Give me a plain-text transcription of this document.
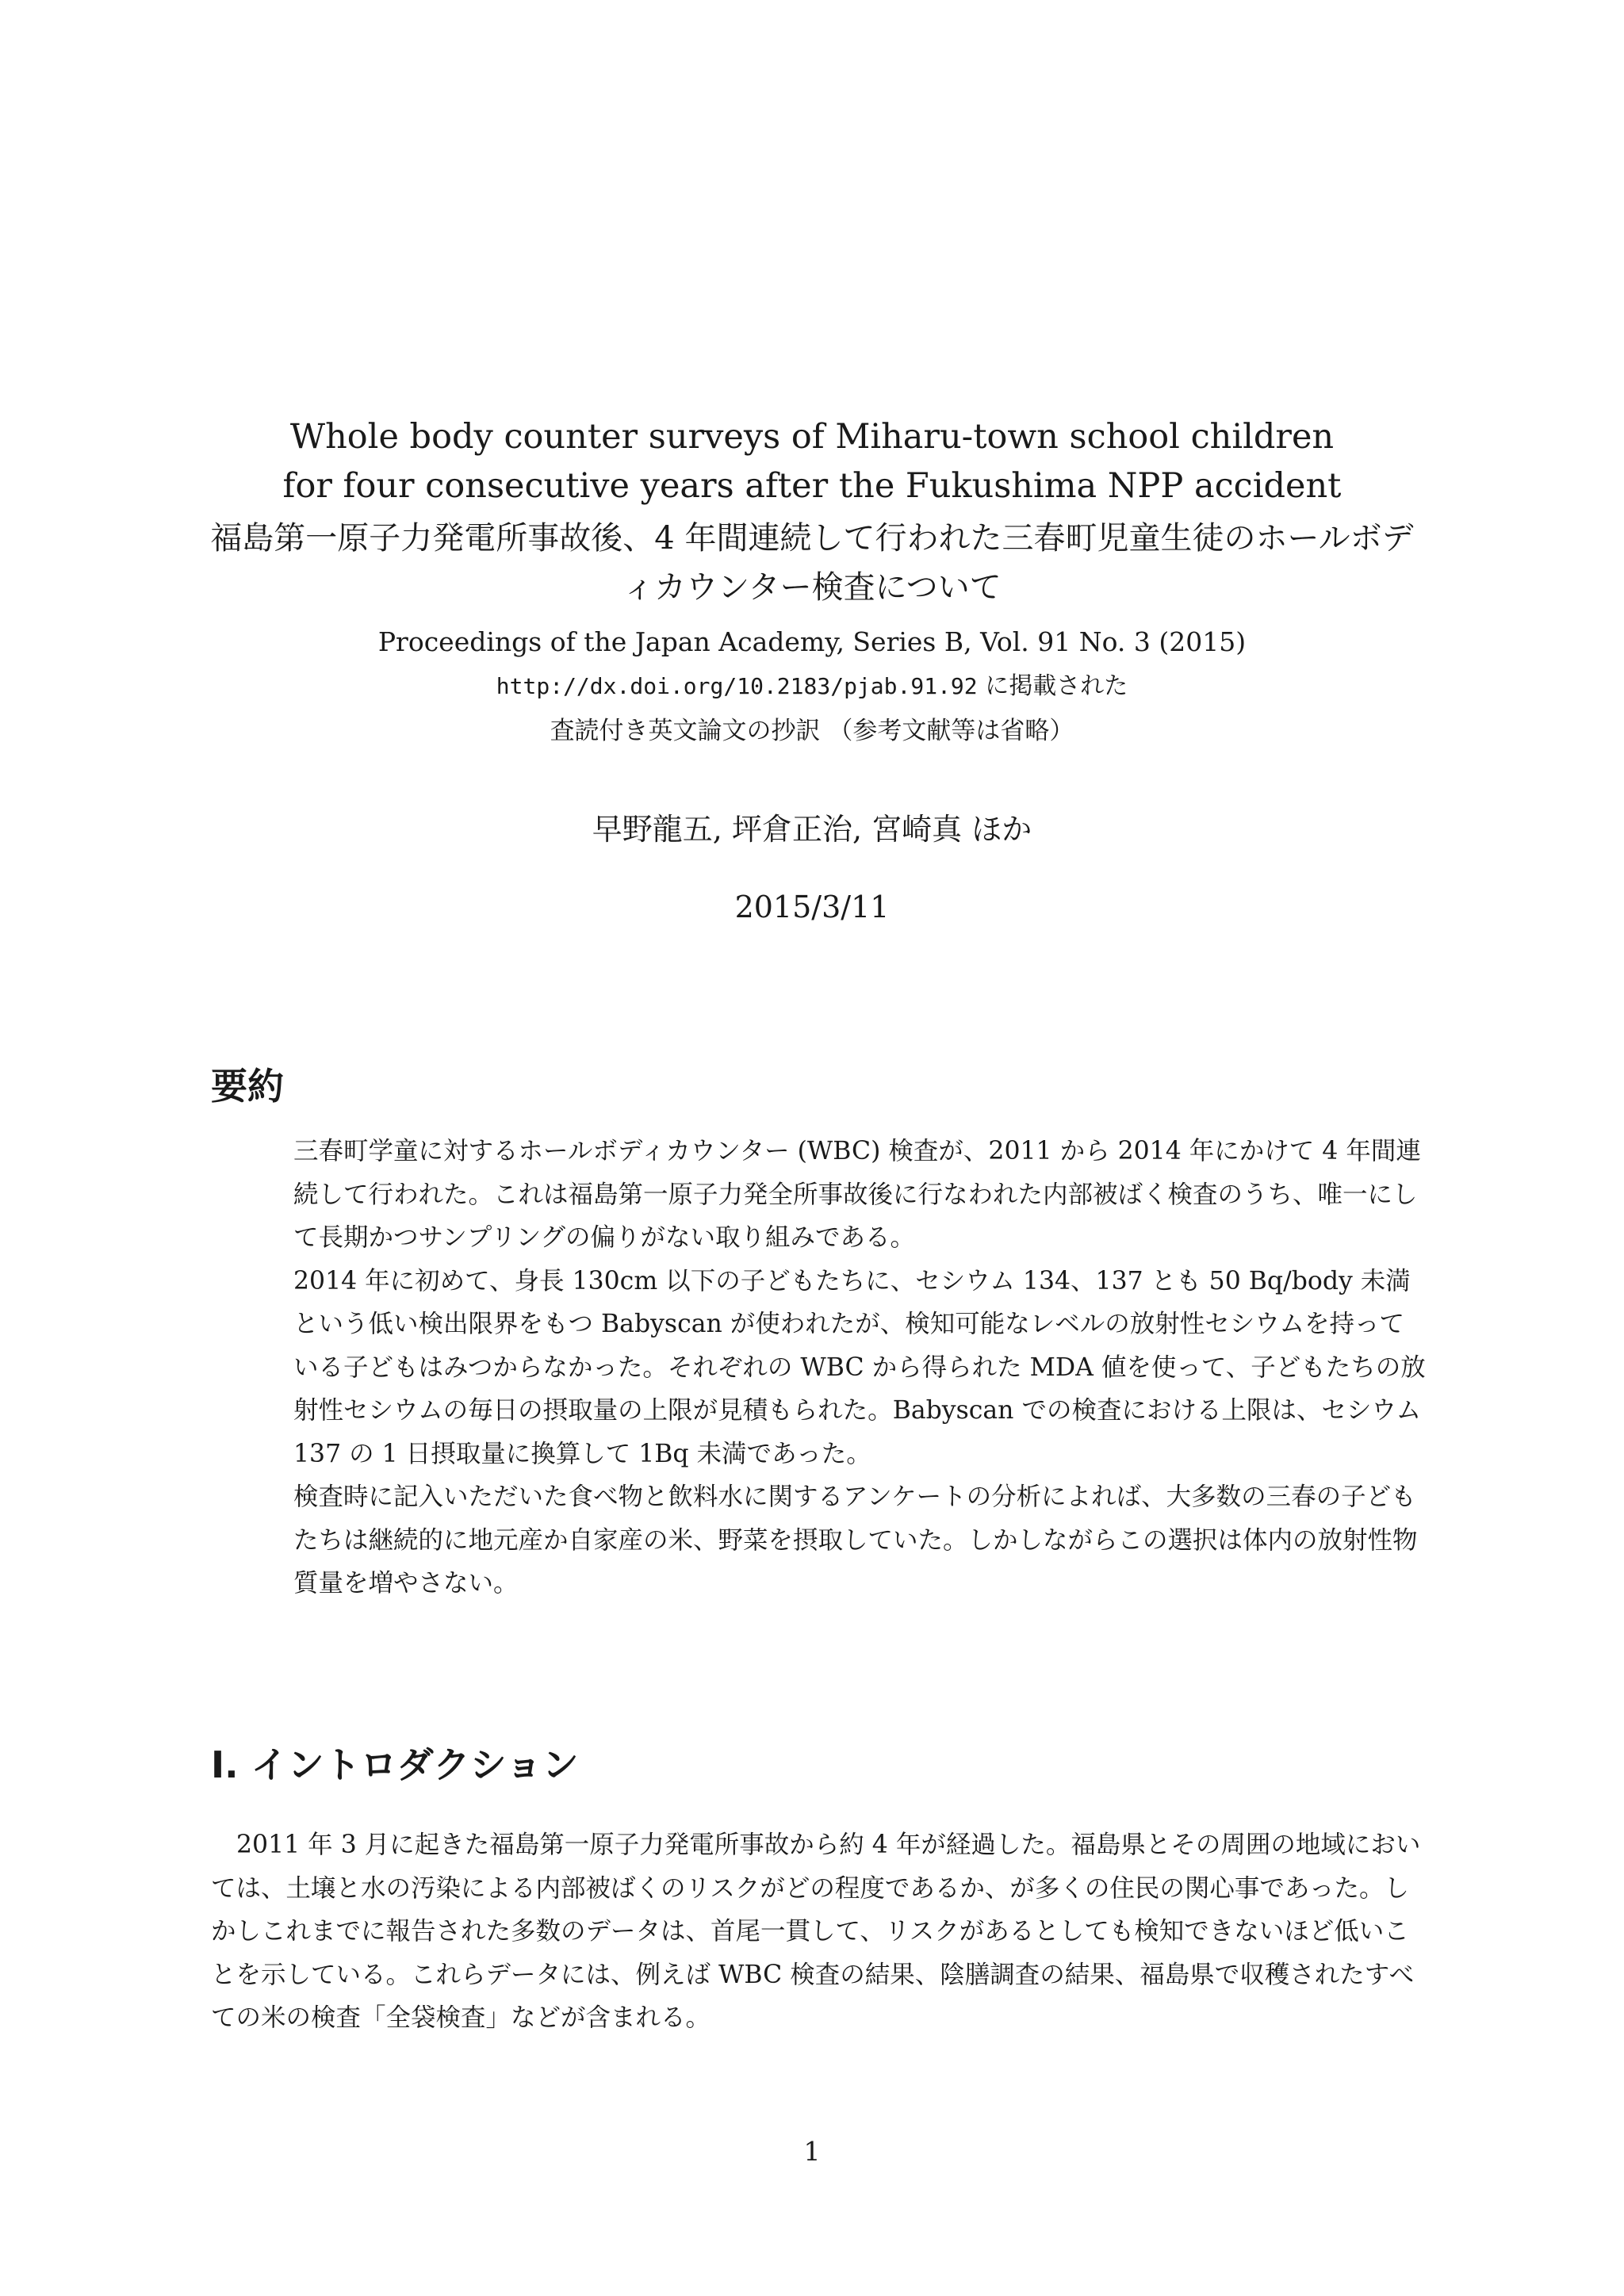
Whole body counter surveys of Miharu-town school children for four consecutive years after the Fukushima NPP accident
福島第一原子力発電所事故後、4 年間連続して行われた三春町児童生徒のホールボディカウンター検査について
Proceedings of the Japan Academy, Series B, Vol. 91 No. 3 (2015)
http://dx.doi.org/10.2183/pjab.91.92 に掲載された
査読付き英文論文の抄訳 （参考文献等は省略）
早野龍五, 坪倉正治, 宮崎真 ほか
2015/3/11
要約

三春町学童に対するホールボディカウンター (WBC) 検査が、2011 から 2014 年にかけて 4 年間連続して行われた。これは福島第一原子力発全所事故後に行なわれた内部被ばく検査のうち、唯一にして長期かつサンプリングの偏りがない取り組みである。

2014 年に初めて、身長 130cm 以下の子どもたちに、セシウム 134、137 とも 50 Bq/body 未満という低い検出限界をもつ Babyscan が使われたが、検知可能なレベルの放射性セシウムを持っている子どもはみつからなかった。それぞれの WBC から得られた MDA 値を使って、子どもたちの放射性セシウムの毎日の摂取量の上限が見積もられた。Babyscan での検査における上限は、セシウム 137 の 1 日摂取量に換算して 1Bq 未満であった。

検査時に記入いただいた食べ物と飲料水に関するアンケートの分析によれば、大多数の三春の子どもたちは継続的に地元産か自家産の米、野菜を摂取していた。しかしながらこの選択は体内の放射性物質量を増やさない。

I. イントロダクション

2011 年 3 月に起きた福島第一原子力発電所事故から約 4 年が経過した。福島県とその周囲の地域においては、土壌と水の汚染による内部被ばくのリスクがどの程度であるか、が多くの住民の関心事であった。しかしこれまでに報告された多数のデータは、首尾一貫して、リスクがあるとしても検知できないほど低いことを示している。これらデータには、例えば WBC 検査の結果、陰膳調査の結果、福島県で収穫されたすべての米の検査「全袋検査」などが含まれる。

1
